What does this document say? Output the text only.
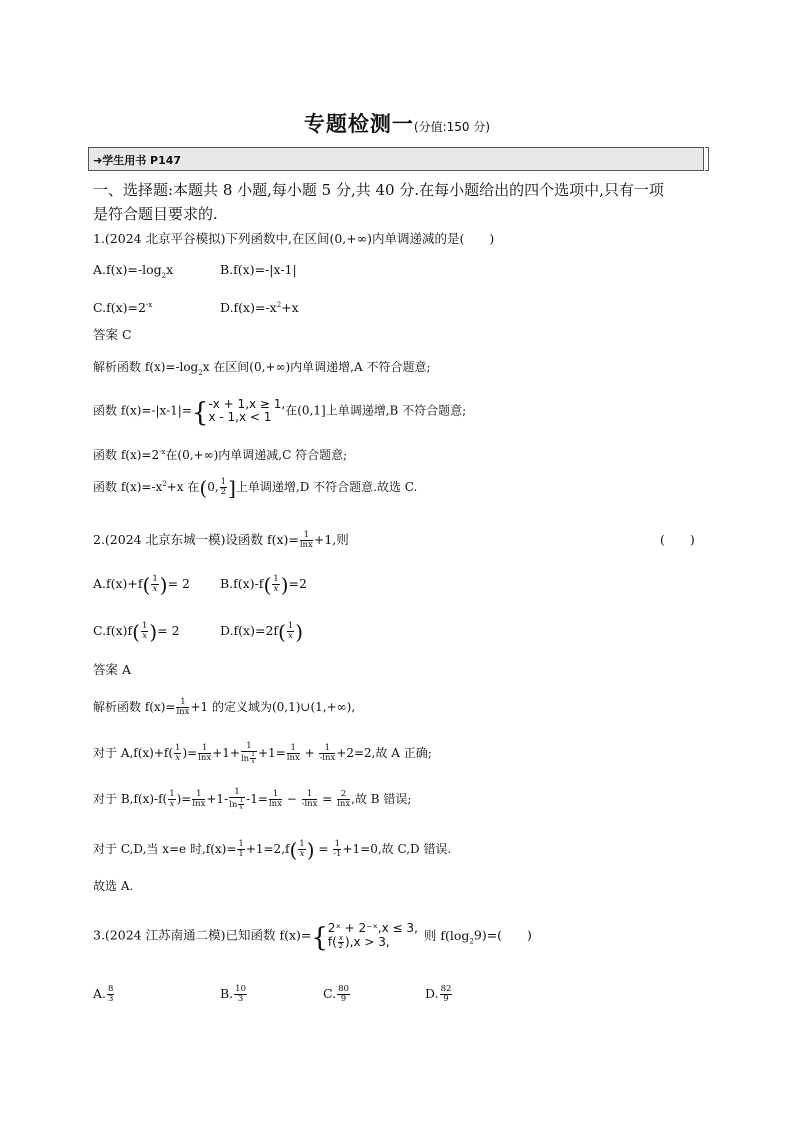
专题检测一(分值:150 分)
➜学生用书 P147
一、选择题:本题共 8 小题,每小题 5 分,共 40 分.在每小题给出的四个选项中,只有一项
是符合题目要求的.
1.(2024 北京平谷模拟)下列函数中,在区间(0,+∞)内单调递减的是(　　)
$A.f(x)=-\log_2x$	B.f(x)=-|x-1|
$C.f(x)=2^{-x}$	$D.f(x)=-x^2+x$
答案 C
解析函数 $f(x)=-\log_2x$ 在区间(0,+∞)内单调递增,A 不符合题意;
函数 f(x)=-|x-1|={ -x + 1,x ≥ 1,
x - 1,x < 1	在(0,1]上单调递增,B 不符合题意;
函数 $f(x)=2^{-x}$在(0,+∞)内单调递减,C 符合题意;
函数 $f(x)=-x^2+x$ 在(0, $\frac{1}{2}$ ]上单调递增,D 不符合题意.故选 C.
2.(2024 北京东城一模)设函数 $f(x)= \frac{1}{\ln x} +1$,则	(　　)
$A.f(x)+f( \frac{1}{x}$ )= 2 $B.f(x)-f( \frac{1}{x} )=2$
$C.f(x)f( \frac{1}{x}$ )= 2	$D.f(x)=2f( \frac{1}{x}$ )
答案 A
解析函数 $f(x)= \frac{1}{\ln x} +1$ 的定义域为(0,1)∪(1,+∞),
对于 $A,f(x)+f( \frac{1}{x}$ )= $\frac{1}{\ln x} +1+ \frac{1}{\ln \frac{1}{x}} +1= \frac{1}{\ln x} + \frac{1}{-\ln x} +2=2$,故 A 正确;
对于 $B,f(x)-f( \frac{1}{x}$ )= $\frac{1}{\ln x} +1- \frac{1}{\ln \frac{1}{x}} -1= \frac{1}{\ln x} - \frac{1}{-\ln x} = \frac{2}{\ln x}$ ,故 B 错误;
对于 C,D,当 x=e 时$,f(x)= \frac{1}{1} +1=2,f( \frac{1}{x}$ ) = $\frac{1}{-1} +1=0$,故 C,D 错误.
故选 A.
3.(2024 江苏南通二模)已知函数 f(x)={ 2ˣ + 2⁻ˣ,x ≤ 3,
$f( \frac{x}{2} ),x > 3$,	则 $f(\log_29)=$(　　)
A. $\frac{8}{3}$	B. $\frac{10}{3}$	C. $\frac{80}{9}$	D. $\frac{82}{9}$
